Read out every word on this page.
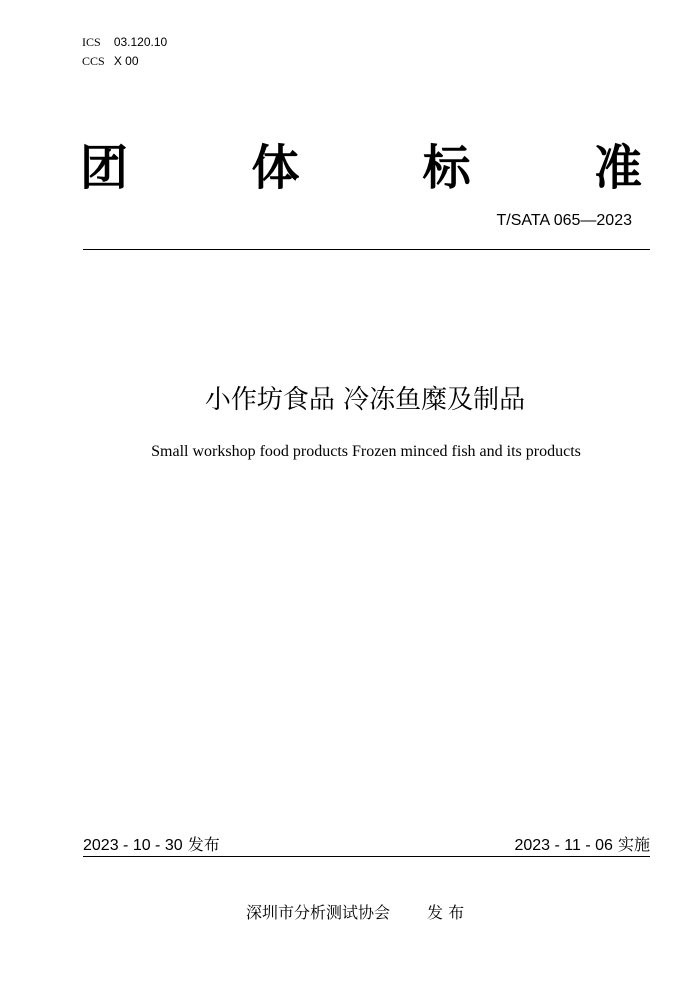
ICS 03.120.10
CCS X 00
团	体	标	准
T/SATA 065—2023
小作坊食品 冷冻鱼糜及制品
Small workshop food products Frozen minced fish and its products
2023 - 10 - 30 发布	2023 - 11 - 06 实施
深圳市分析测试协会 发 布
